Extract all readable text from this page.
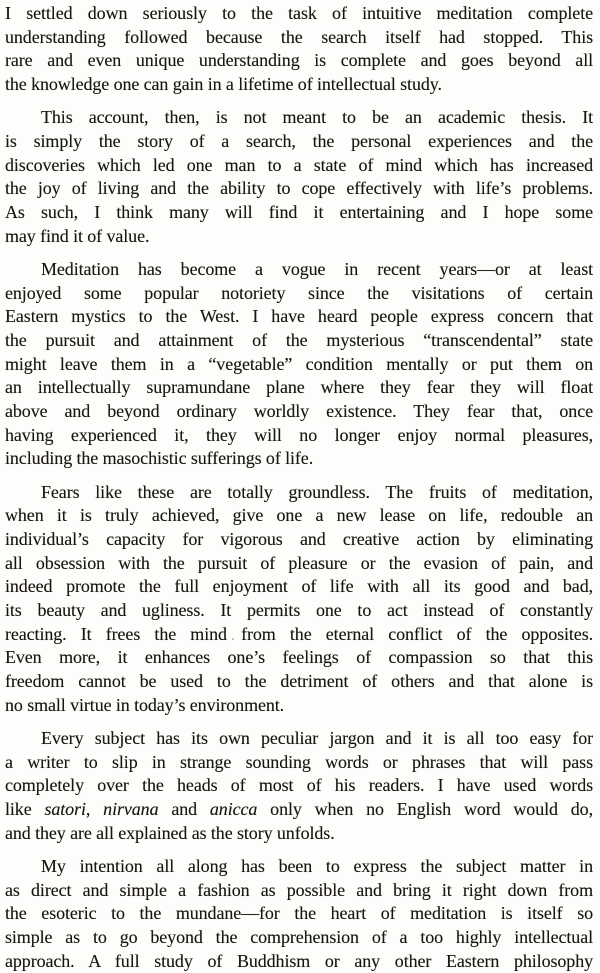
I settled down seriously to the task of intuitive meditation complete
understanding followed because the search itself had stopped. This
rare and even unique understanding is complete and goes beyond all
the knowledge one can gain in a lifetime of intellectual study.
This account, then, is not meant to be an academic thesis. It
is simply the story of a search, the personal experiences and the
discoveries which led one man to a state of mind which has increased
the joy of living and the ability to cope effectively with life’s problems.
As such, I think many will find it entertaining and I hope some
may find it of value.
Meditation has become a vogue in recent years—or at least
enjoyed some popular notoriety since the visitations of certain
Eastern mystics to the West. I have heard people express concern that
the pursuit and attainment of the mysterious “transcendental” state
might leave them in a “vegetable” condition mentally or put them on
an intellectually supramundane plane where they fear they will float
above and beyond ordinary worldly existence. They fear that, once
having experienced it, they will no longer enjoy normal pleasures,
including the masochistic sufferings of life.
Fears like these are totally groundless. The fruits of meditation,
when it is truly achieved, give one a new lease on life, redouble an
individual’s capacity for vigorous and creative action by eliminating
all obsession with the pursuit of pleasure or the evasion of pain, and
indeed promote the full enjoyment of life with all its good and bad,
its beauty and ugliness. It permits one to act instead of constantly
reacting. It frees the mind from the eternal conflict of the opposites.
Even more, it enhances one’s feelings of compassion so that this
freedom cannot be used to the detriment of others and that alone is
no small virtue in today’s environment.
Every subject has its own peculiar jargon and it is all too easy for
a writer to slip in strange sounding words or phrases that will pass
completely over the heads of most of his readers. I have used words
like satori, nirvana and anicca only when no English word would do,
and they are all explained as the story unfolds.
My intention all along has been to express the subject matter in
as direct and simple a fashion as possible and bring it right down from
the esoteric to the mundane—for the heart of meditation is itself so
simple as to go beyond the comprehension of a too highly intellectual
approach. A full study of Buddhism or any other Eastern philosophy
